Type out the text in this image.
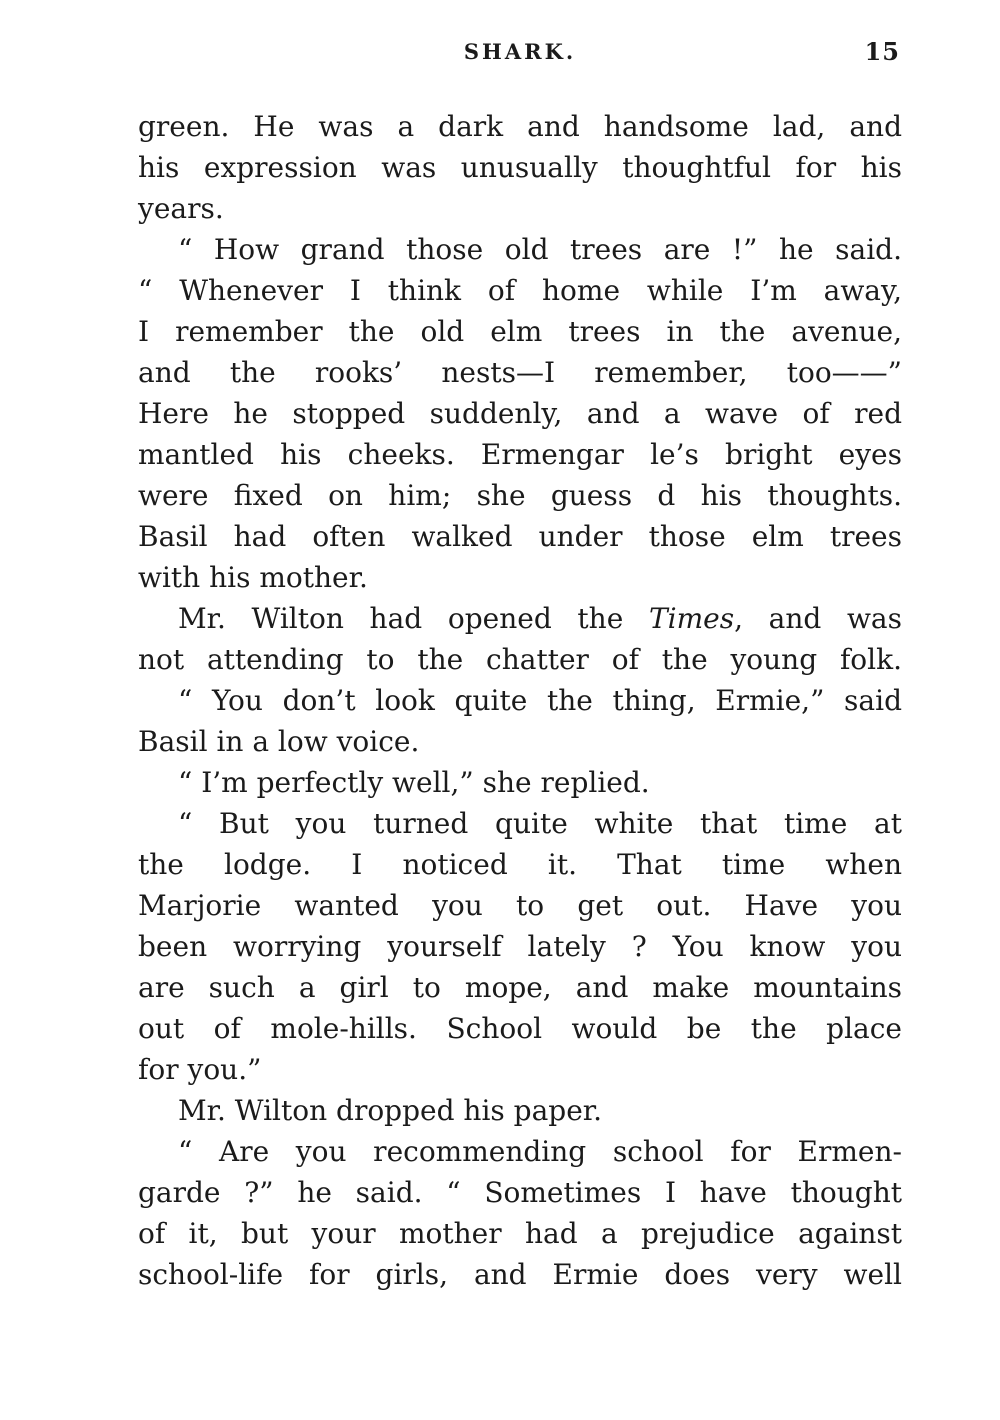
SHARK.	15
green. He was a dark and handsome lad, and
his expression was unusually thoughtful for his
years.
“ How grand those old trees are !” he said.
“ Whenever I think of home while I’m away,
I remember the old elm trees in the avenue,
and the rooks’ nests—I remember, too——”
Here he stopped suddenly, and a wave of red
mantled his cheeks. Ermengar le’s bright eyes
were fixed on him; she guess d his thoughts.
Basil had often walked under those elm trees
with his mother.
Mr. Wilton had opened the Times, and was
not attending to the chatter of the young folk.
“ You don’t look quite the thing, Ermie,” said
Basil in a low voice.
“ I’m perfectly well,” she replied.
“ But you turned quite white that time at
the lodge. I noticed it. That time when
Marjorie wanted you to get out. Have you
been worrying yourself lately ? You know you
are such a girl to mope, and make mountains
out of mole-hills. School would be the place
for you.”
Mr. Wilton dropped his paper.
“ Are you recommending school for Ermen-
garde ?” he said. “ Sometimes I have thought
of it, but your mother had a prejudice against
school-life for girls, and Ermie does very well
